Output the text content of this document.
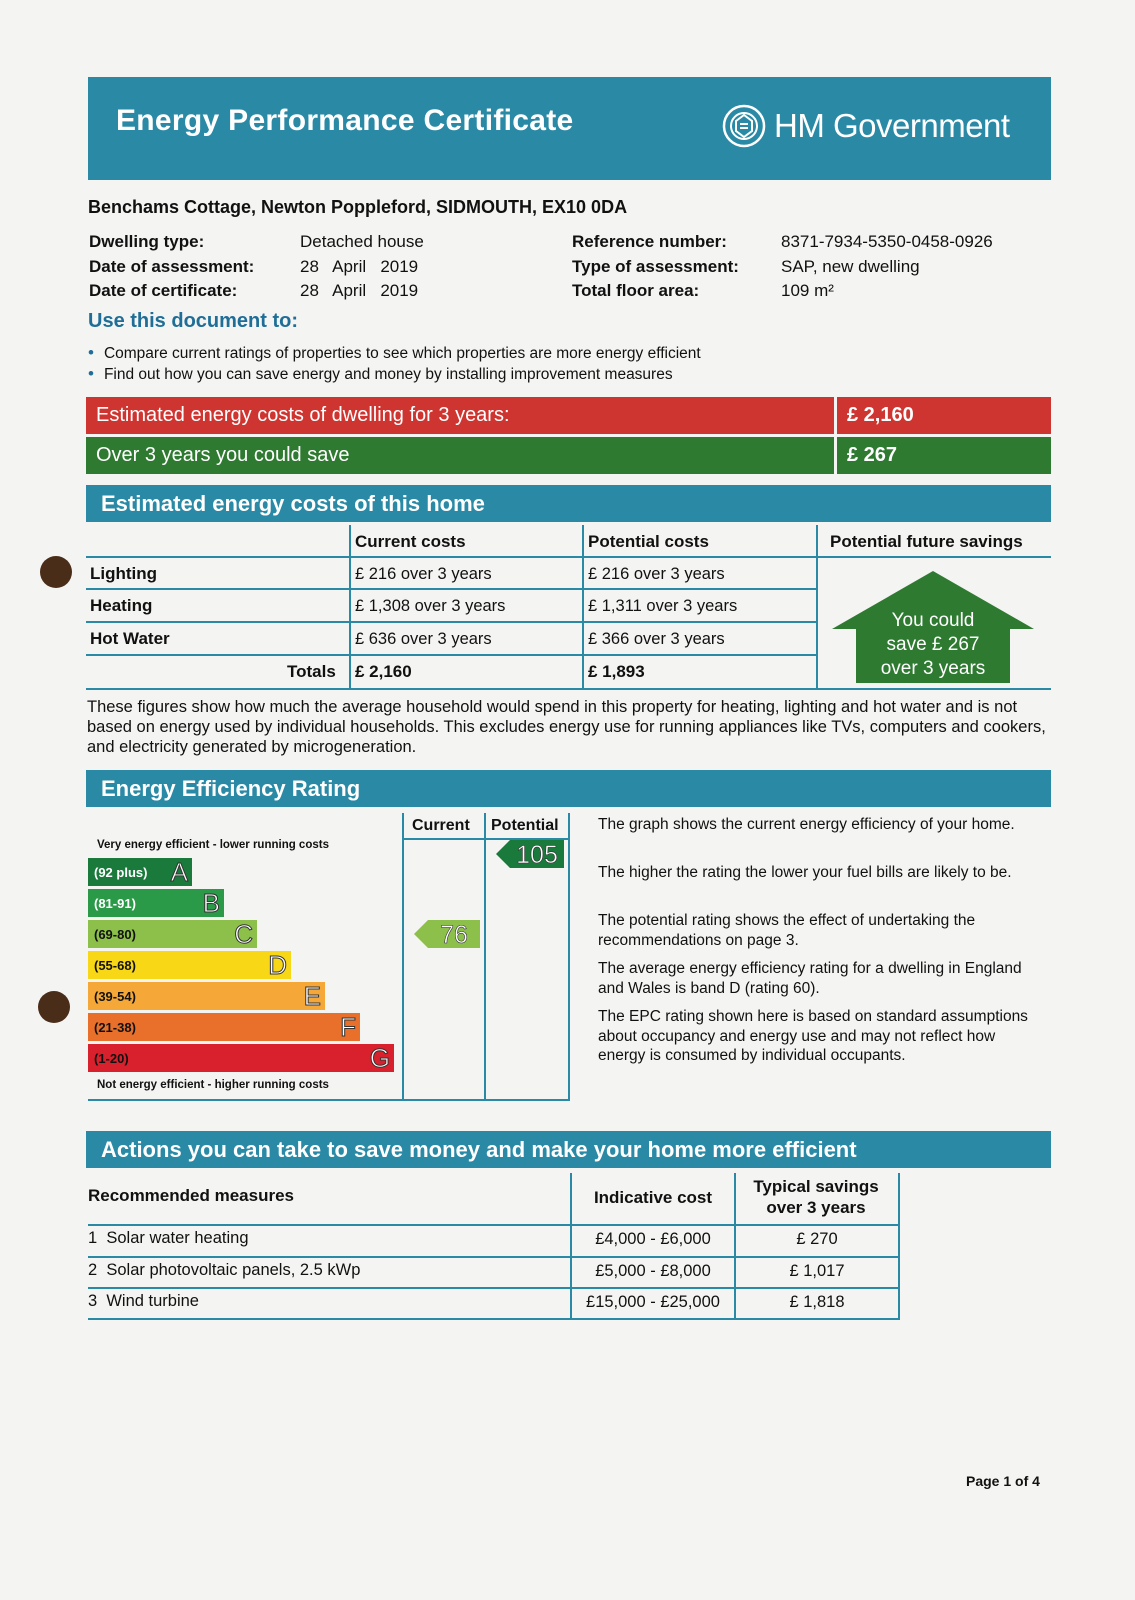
Energy Performance Certificate	HM Government
Benchams Cottage, Newton Poppleford, SIDMOUTH, EX10 0DA
Dwelling type:	Detached house
Date of assessment:	28   April   2019
Date of certificate:	28   April   2019
Reference number:	8371-7934-5350-0458-0926
Type of assessment: SAP, new dwelling
Total floor area:	109 m²
Use this document to:
• Compare current ratings of properties to see which properties are more energy efficient
• Find out how you can save energy and money by installing improvement measures
Estimated energy costs of dwelling for 3 years:	£ 2,160
Over 3 years you could save	£ 267
Estimated energy costs of this home
Current costs	Potential costs	Potential future savings
Lighting	£ 216 over 3 years	£ 216 over 3 years
Heating	£ 1,308 over 3 years	£ 1,311 over 3 years
Hot Water	£ 636 over 3 years	£ 366 over 3 years
Totals £ 2,160	£ 1,893
You could
save £ 267
over 3 years
These figures show how much the average household would spend in this property for heating, lighting and hot water and is not based on energy used by individual households. This excludes energy use for running appliances like TVs, computers and cookers, and electricity generated by microgeneration.
Energy Efficiency Rating
Current Potential
Very energy efficient - lower running costs
Not energy efficient - higher running costs
(92 plus) A
(81-91)	B
(69-80)	C
(55-68)	D
(39-54)	E
(21-38)	F
(1-20)	G
76
105
The graph shows the current energy efficiency of your home.
The higher the rating the lower your fuel bills are likely to be.
The potential rating shows the effect of undertaking the recommendations on page 3.
The average energy efficiency rating for a dwelling in England and Wales is band D (rating 60).
The EPC rating shown here is based on standard assumptions about occupancy and energy use and may not reflect how energy is consumed by individual occupants.
Actions you can take to save money and make your home more efficient
Recommended measures	Indicative cost
Typical savings over 3 years
1  Solar water heating	£4,000 - £6,000	£ 270
2  Solar photovoltaic panels, 2.5 kWp	£5,000 - £8,000	£ 1,017
3  Wind turbine	£15,000 - £25,000	£ 1,818
Page 1 of 4
